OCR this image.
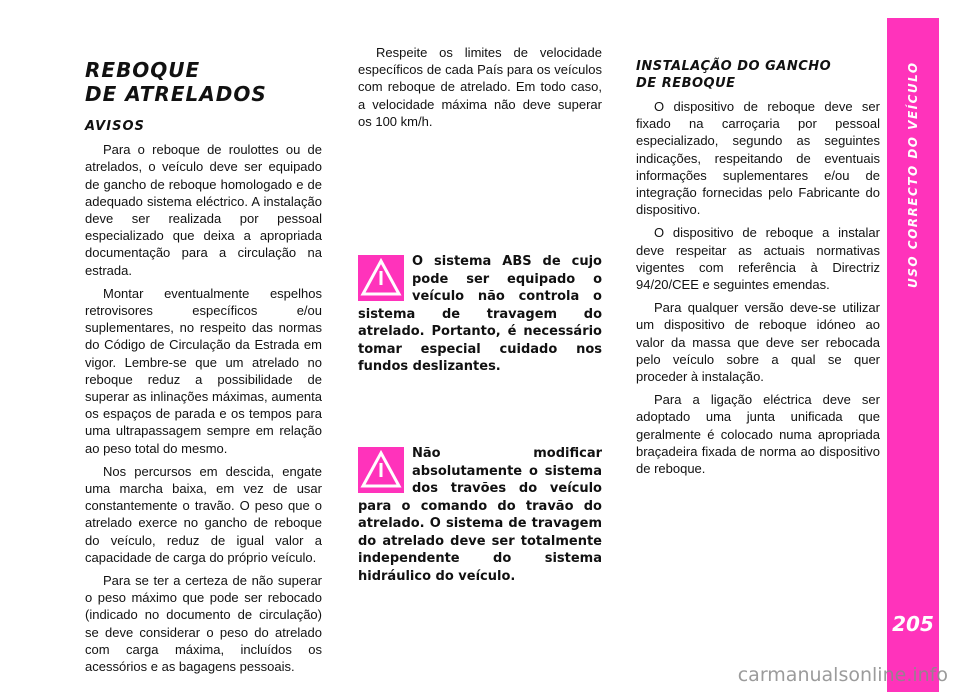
REBOQUE
DE ATRELADOS
AVISOS

Para o reboque de roulottes ou de atrelados, o veículo deve ser equipado de gancho de reboque homologado e de adequado sistema eléctrico. A instalação deve ser realizada por pessoal especializado que deixa a apropriada documentação para a circulação na estrada.

Montar eventualmente espelhos retrovisores específicos e/ou suplementares, no respeito das normas do Código de Circulação da Estrada em vigor. Lembre-se que um atrelado no reboque reduz a possibilidade de superar as inlinações máximas, aumenta os espaços de parada e os tempos para uma ultrapassagem sempre em relação ao peso total do mesmo.

Nos percursos em descida, engate uma marcha baixa, em vez de usar constantemente o travão. O peso que o atrelado exerce no gancho de reboque do veículo, reduz de igual valor a capacidade de carga do próprio veículo.

Para se ter a certeza de não superar o peso máximo que pode ser rebocado (indicado no documento de circulação) se deve considerar o peso do atrelado com carga máxima, incluídos os acessórios e as bagagens pessoais.

Respeite os limites de velocidade específicos de cada País para os veículos com reboque de atrelado. Em todo caso, a velocidade máxima não deve superar os 100 km/h.

O sistema ABS de cujo pode ser equipado o veículo não controla o sistema de travagem do atrelado. Portanto, é necessário tomar especial cuidado nos fundos deslizantes.
Não modificar absolutamente o sistema dos travões do veículo para o comando do travão do atrelado. O sistema de travagem do atrelado deve ser totalmente independente do sistema hidráulico do veículo.
INSTALAÇÃO DO GANCHO
DE REBOQUE

O dispositivo de reboque deve ser fixado na carroçaria por pessoal especializado, segundo as seguintes indicações, respeitando de eventuais informações suplementares e/ou de integração fornecidas pelo Fabricante do dispositivo.

O dispositivo de reboque a instalar deve respeitar as actuais normativas vigentes com referência à Directriz 94/20/CEE e seguintes emendas.

Para qualquer versão deve-se utilizar um dispositivo de reboque idóneo ao valor da massa que deve ser rebocada pelo veículo sobre a qual se quer proceder à instalação.

Para a ligação eléctrica deve ser adoptado uma junta unificada que geralmente é colocado numa apropriada braçadeira fixada de norma ao dispositivo de reboque.

USO CORRECTO DO VEÍCULO
205
carmanualsonline.info
